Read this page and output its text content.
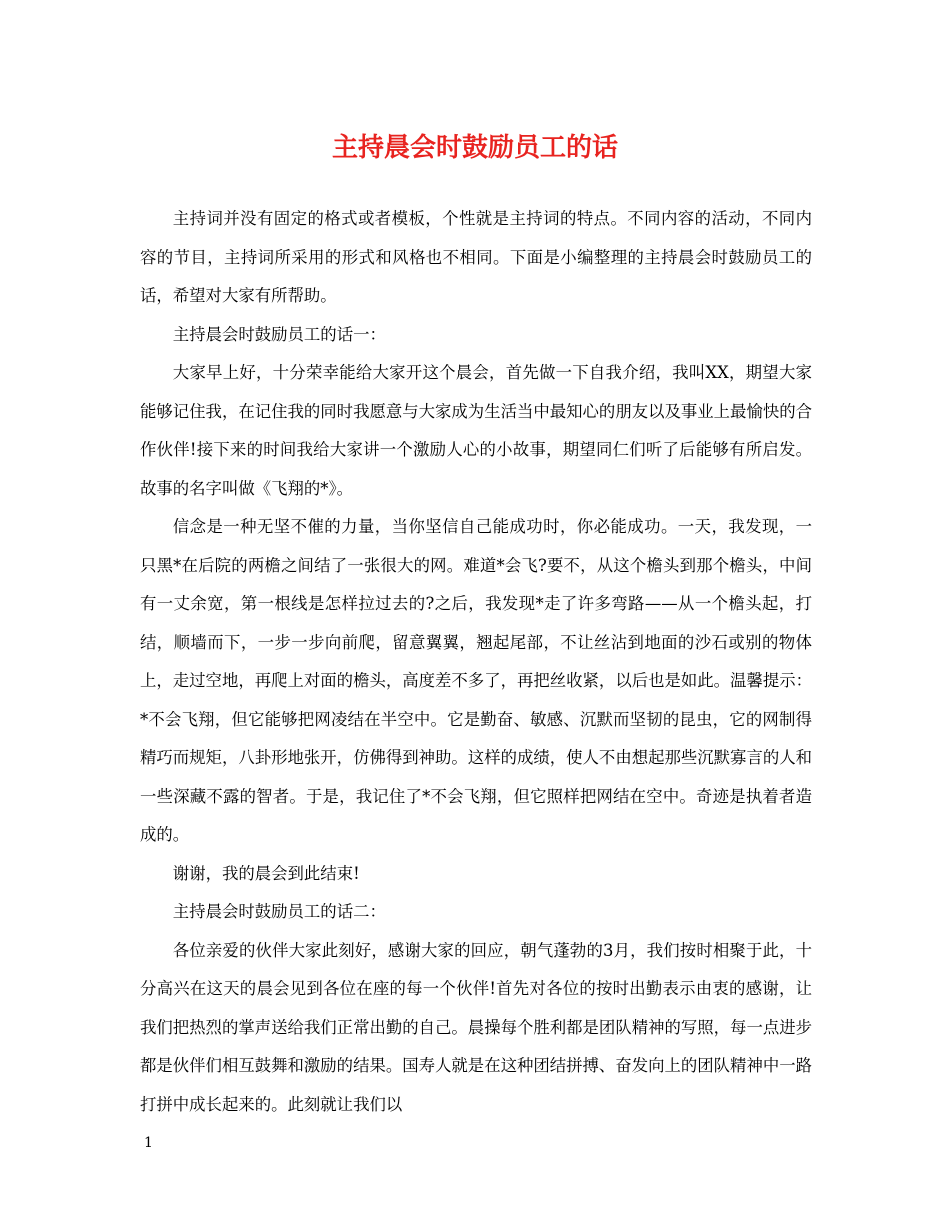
主持晨会时鼓励员工的话

主持词并没有固定的格式或者模板，个性就是主持词的特点。不同内容的活动，不同内容的节目，主持词所采用的形式和风格也不相同。下面是小编整理的主持晨会时鼓励员工的话，希望对大家有所帮助。

主持晨会时鼓励员工的话一：

大家早上好，十分荣幸能给大家开这个晨会，首先做一下自我介绍，我叫XX，期望大家能够记住我，在记住我的同时我愿意与大家成为生活当中最知心的朋友以及事业上最愉快的合作伙伴!接下来的时间我给大家讲一个激励人心的小故事，期望同仁们听了后能够有所启发。故事的名字叫做《飞翔的*》。

信念是一种无坚不催的力量，当你坚信自己能成功时，你必能成功。一天，我发现，一只黑*在后院的两檐之间结了一张很大的网。难道*会飞?要不，从这个檐头到那个檐头，中间有一丈余宽，第一根线是怎样拉过去的?之后，我发现*走了许多弯路——从一个檐头起，打结，顺墙而下，一步一步向前爬，留意翼翼，翘起尾部，不让丝沾到地面的沙石或别的物体上，走过空地，再爬上对面的檐头，高度差不多了，再把丝收紧，以后也是如此。温馨提示：*不会飞翔，但它能够把网凌结在半空中。它是勤奋、敏感、沉默而坚韧的昆虫，它的网制得精巧而规矩，八卦形地张开，仿佛得到神助。这样的成绩，使人不由想起那些沉默寡言的人和一些深藏不露的智者。于是，我记住了*不会飞翔，但它照样把网结在空中。奇迹是执着者造成的。

谢谢，我的晨会到此结束!

主持晨会时鼓励员工的话二：

各位亲爱的伙伴大家此刻好，感谢大家的回应，朝气蓬勃的3月，我们按时相聚于此，十分高兴在这天的晨会见到各位在座的每一个伙伴!首先对各位的按时出勤表示由衷的感谢，让我们把热烈的掌声送给我们正常出勤的自己。晨操每个胜利都是团队精神的写照，每一点进步都是伙伴们相互鼓舞和激励的结果。国寿人就是在这种团结拼搏、奋发向上的团队精神中一路打拼中成长起来的。此刻就让我们以

1
